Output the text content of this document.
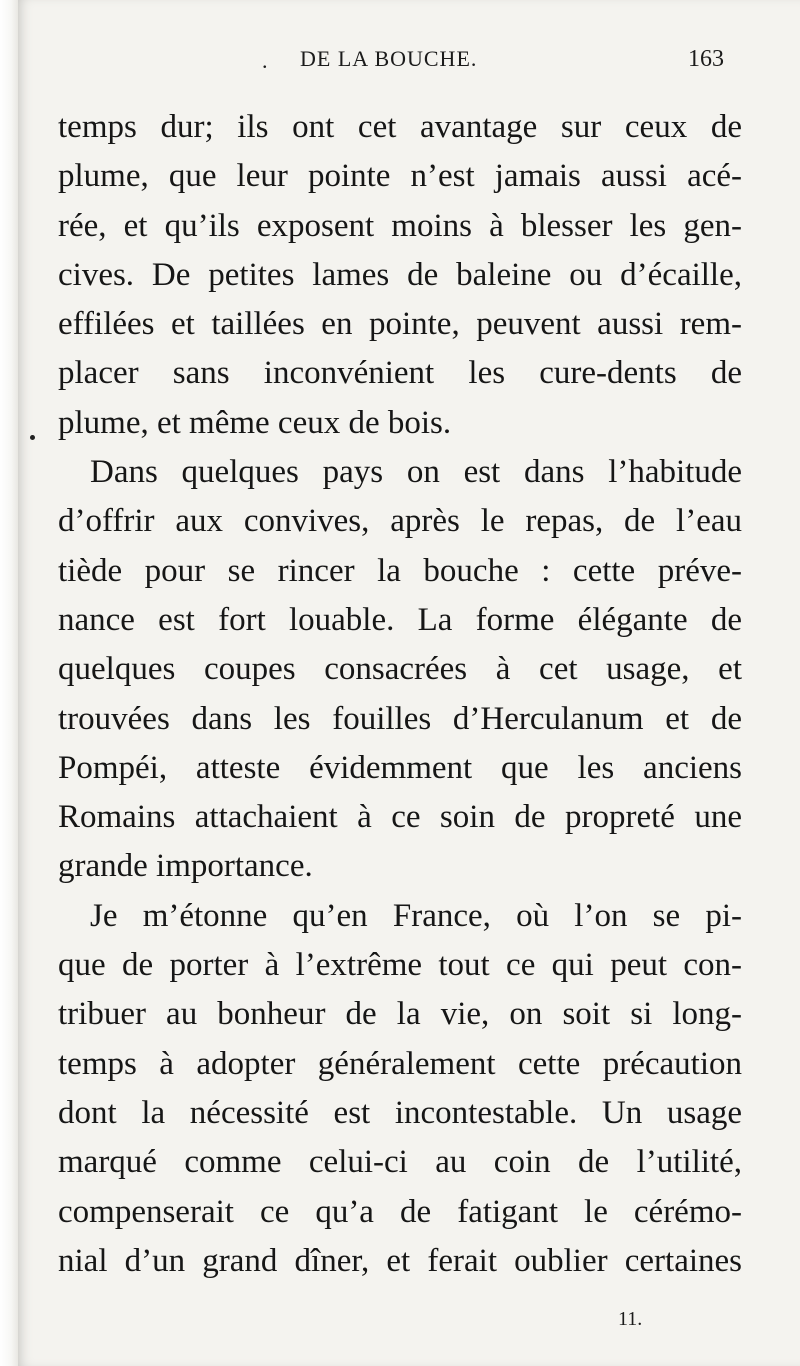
. DE LA BOUCHE.	163
temps dur; ils ont cet avantage sur ceux de
plume, que leur pointe n’est jamais aussi acé-
rée, et qu’ils exposent moins à blesser les gen-
cives. De petites lames de baleine ou d’écaille,
effilées et taillées en pointe, peuvent aussi rem-
placer sans inconvénient les cure-dents de
plume, et même ceux de bois.
Dans quelques pays on est dans l’habitude
d’offrir aux convives, après le repas, de l’eau
tiède pour se rincer la bouche : cette préve-
nance est fort louable. La forme élégante de
quelques coupes consacrées à cet usage, et
trouvées dans les fouilles d’Herculanum et de
Pompéi, atteste évidemment que les anciens
Romains attachaient à ce soin de propreté une
grande importance.
Je m’étonne qu’en France, où l’on se pi-
que de porter à l’extrême tout ce qui peut con-
tribuer au bonheur de la vie, on soit si long-
temps à adopter généralement cette précaution
dont la nécessité est incontestable. Un usage
marqué comme celui-ci au coin de l’utilité,
compenserait ce qu’a de fatigant le cérémo-
nial d’un grand dîner, et ferait oublier certaines
11.
